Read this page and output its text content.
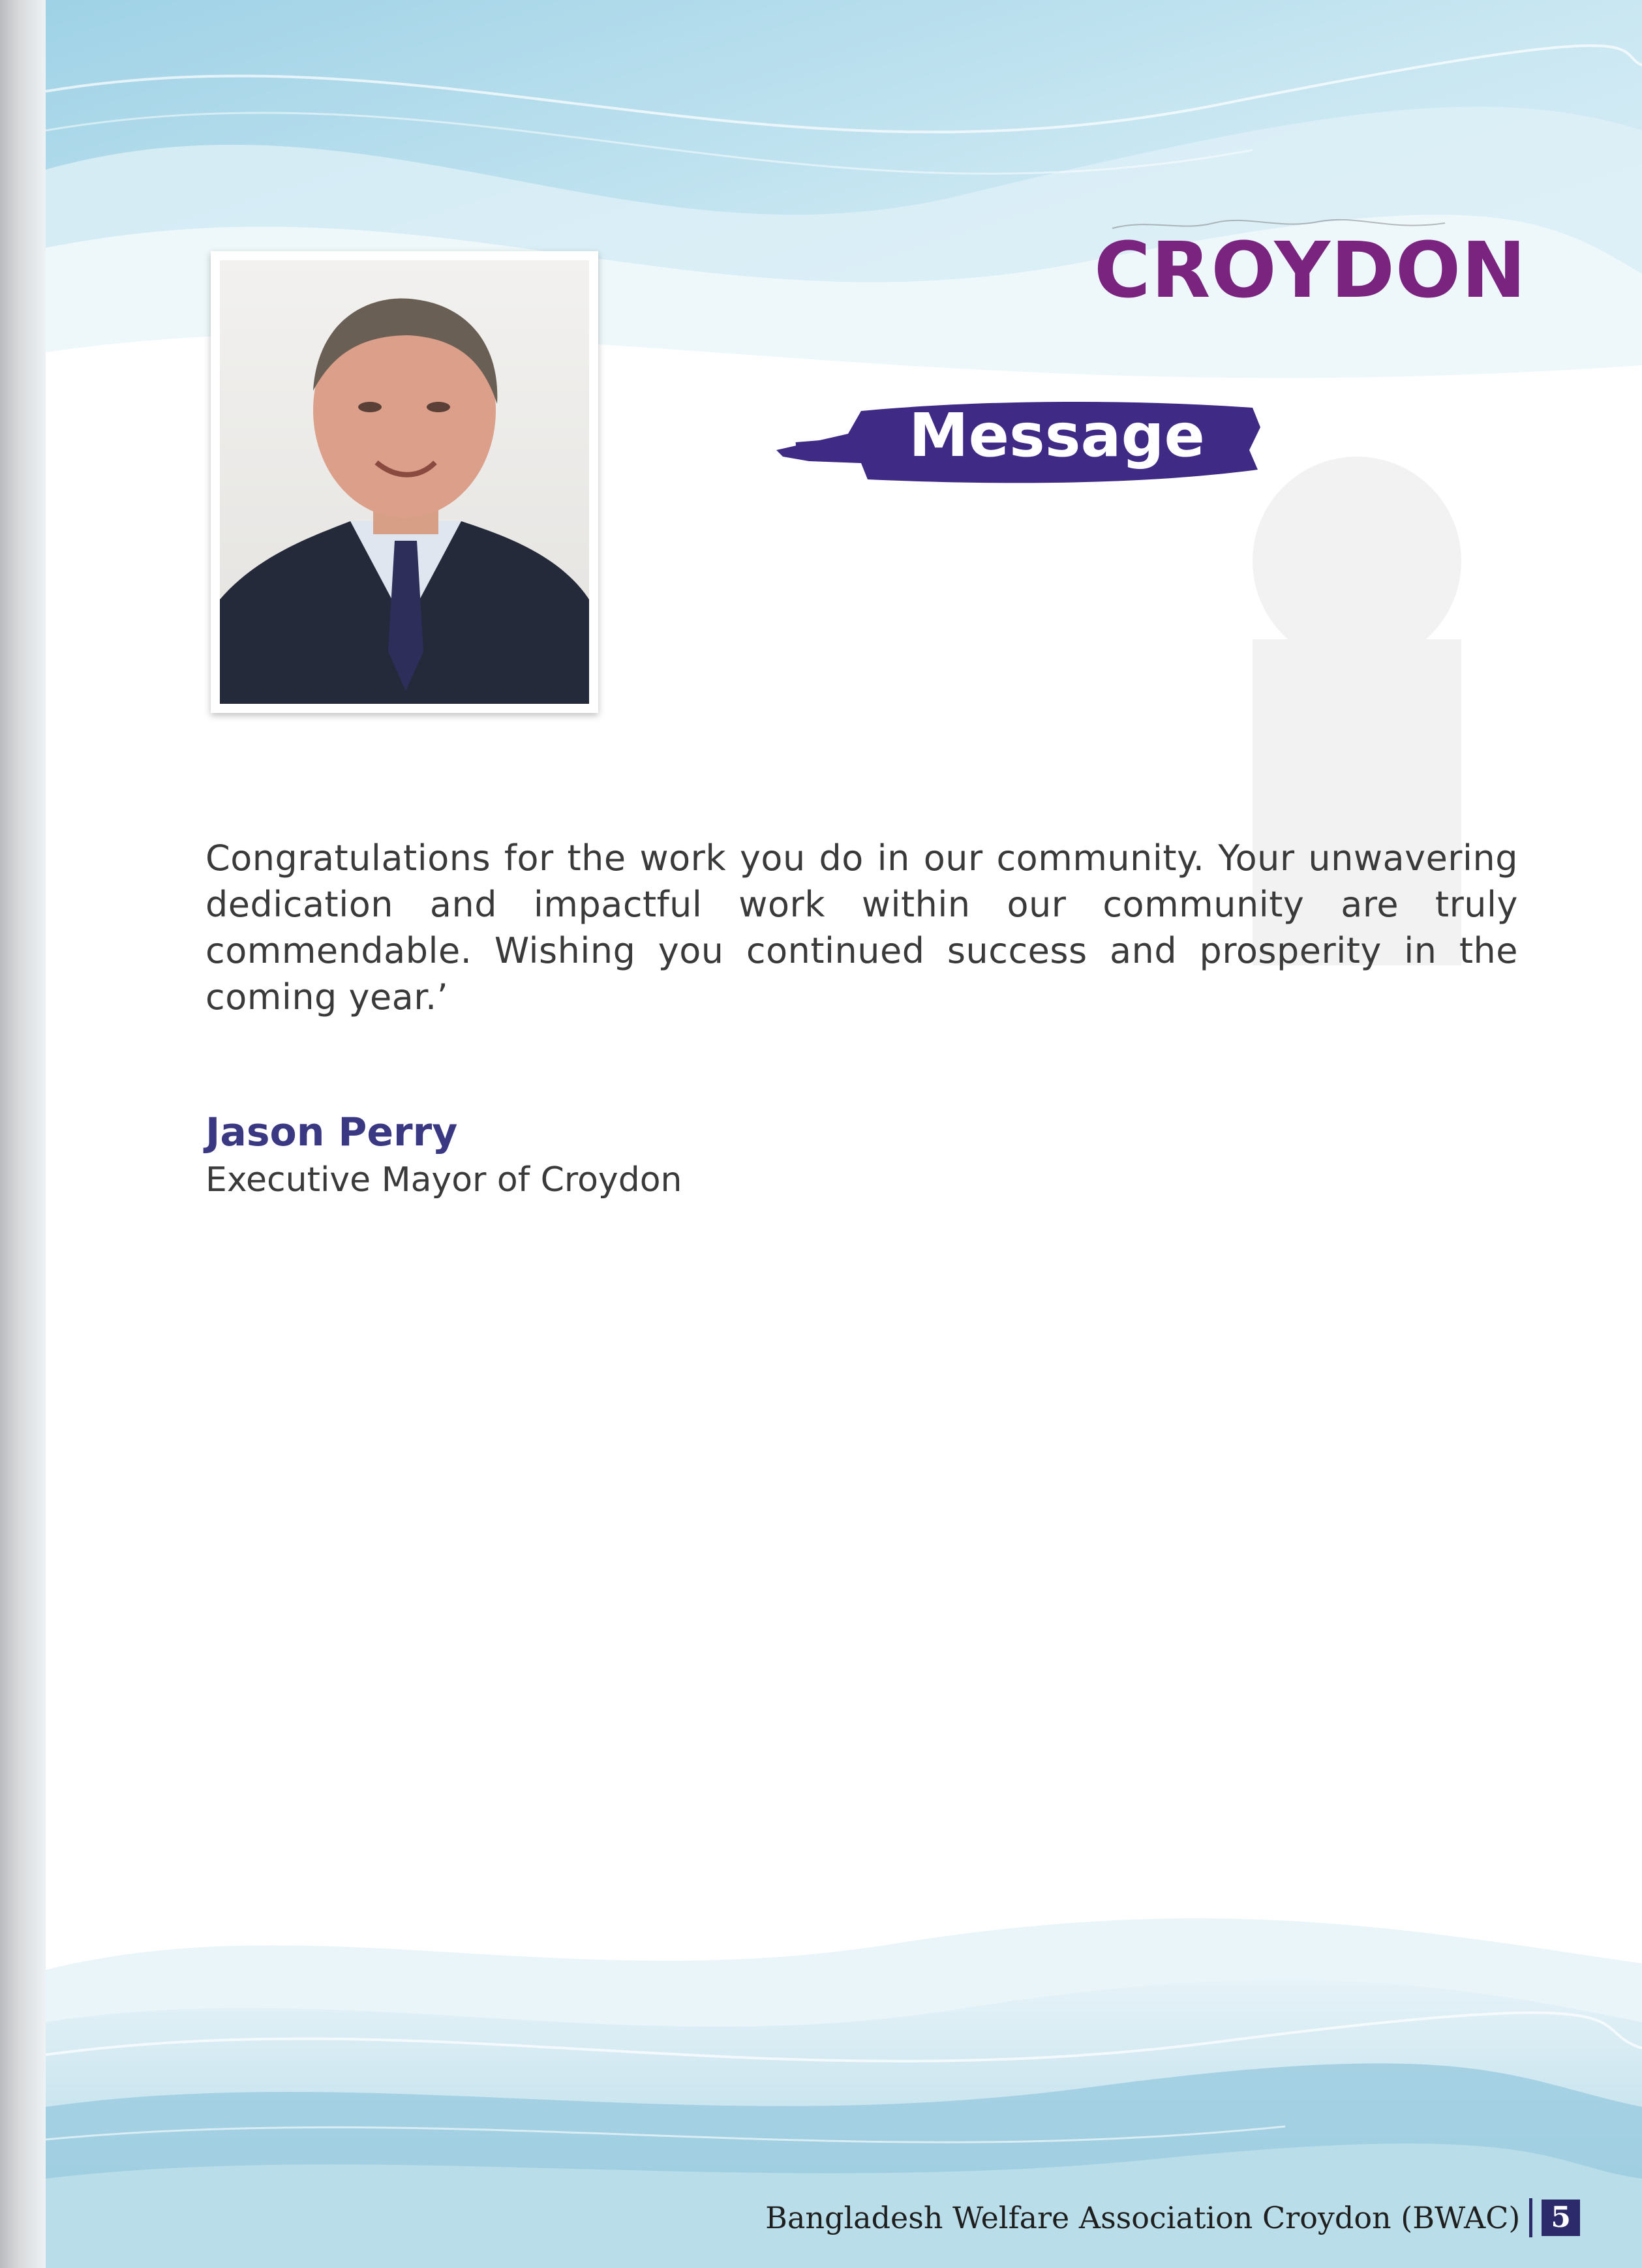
CROYDON
Message
Congratulations for the work you do in our community. Your unwavering dedication and impactful work within our community are truly commendable. Wishing you continued success and prosperity in the coming year.’
Jason Perry
Executive Mayor of Croydon
Bangladesh Welfare Association Croydon (BWAC)	5
